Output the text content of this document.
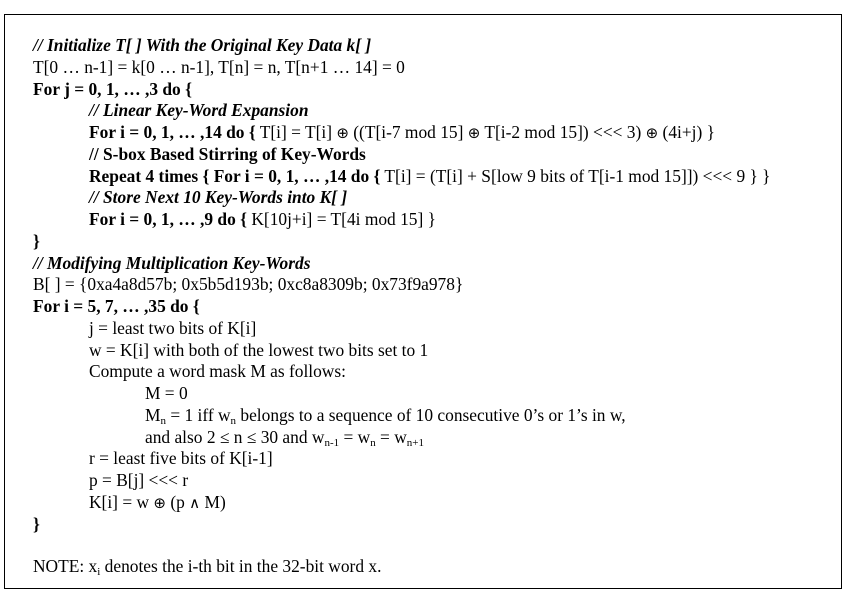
// Initialize T[ ] With the Original Key Data k[ ]
T[0 … n-1] = k[0 … n-1], T[n] = n, T[n+1 … 14] = 0
For j = 0, 1, … ,3 do {
// Linear Key-Word Expansion
For i = 0, 1, … ,14 do { T[i] = T[i] ⊕ ((T[i-7 mod 15] ⊕ T[i-2 mod 15]) <<< 3) ⊕ (4i+j) }
// S-box Based Stirring of Key-Words
Repeat 4 times { For i = 0, 1, … ,14 do { T[i] = (T[i] + S[low 9 bits of T[i-1 mod 15]]) <<< 9 } }
// Store Next 10 Key-Words into K[ ]
For i = 0, 1, … ,9 do { K[10j+i] = T[4i mod 15] }
}
// Modifying Multiplication Key-Words
B[ ] = {0xa4a8d57b; 0x5b5d193b; 0xc8a8309b; 0x73f9a978}
For i = 5, 7, … ,35 do {
j = least two bits of K[i]
w = K[i] with both of the lowest two bits set to 1
Compute a word mask M as follows:
M = 0
$M_n = 1$ iff $w_n$ belongs to a sequence of 10 consecutive 0’s or 1’s in w,
and also 2 ≤ n ≤ 30 and $w_{n-1} = w_n = w_{n+1}$
r = least five bits of K[i-1]
p = B[j] <<< r
K[i] = w ⊕ (p ∧ M)
}
NOTE: $x_i$ denotes the i-th bit in the 32-bit word x.
